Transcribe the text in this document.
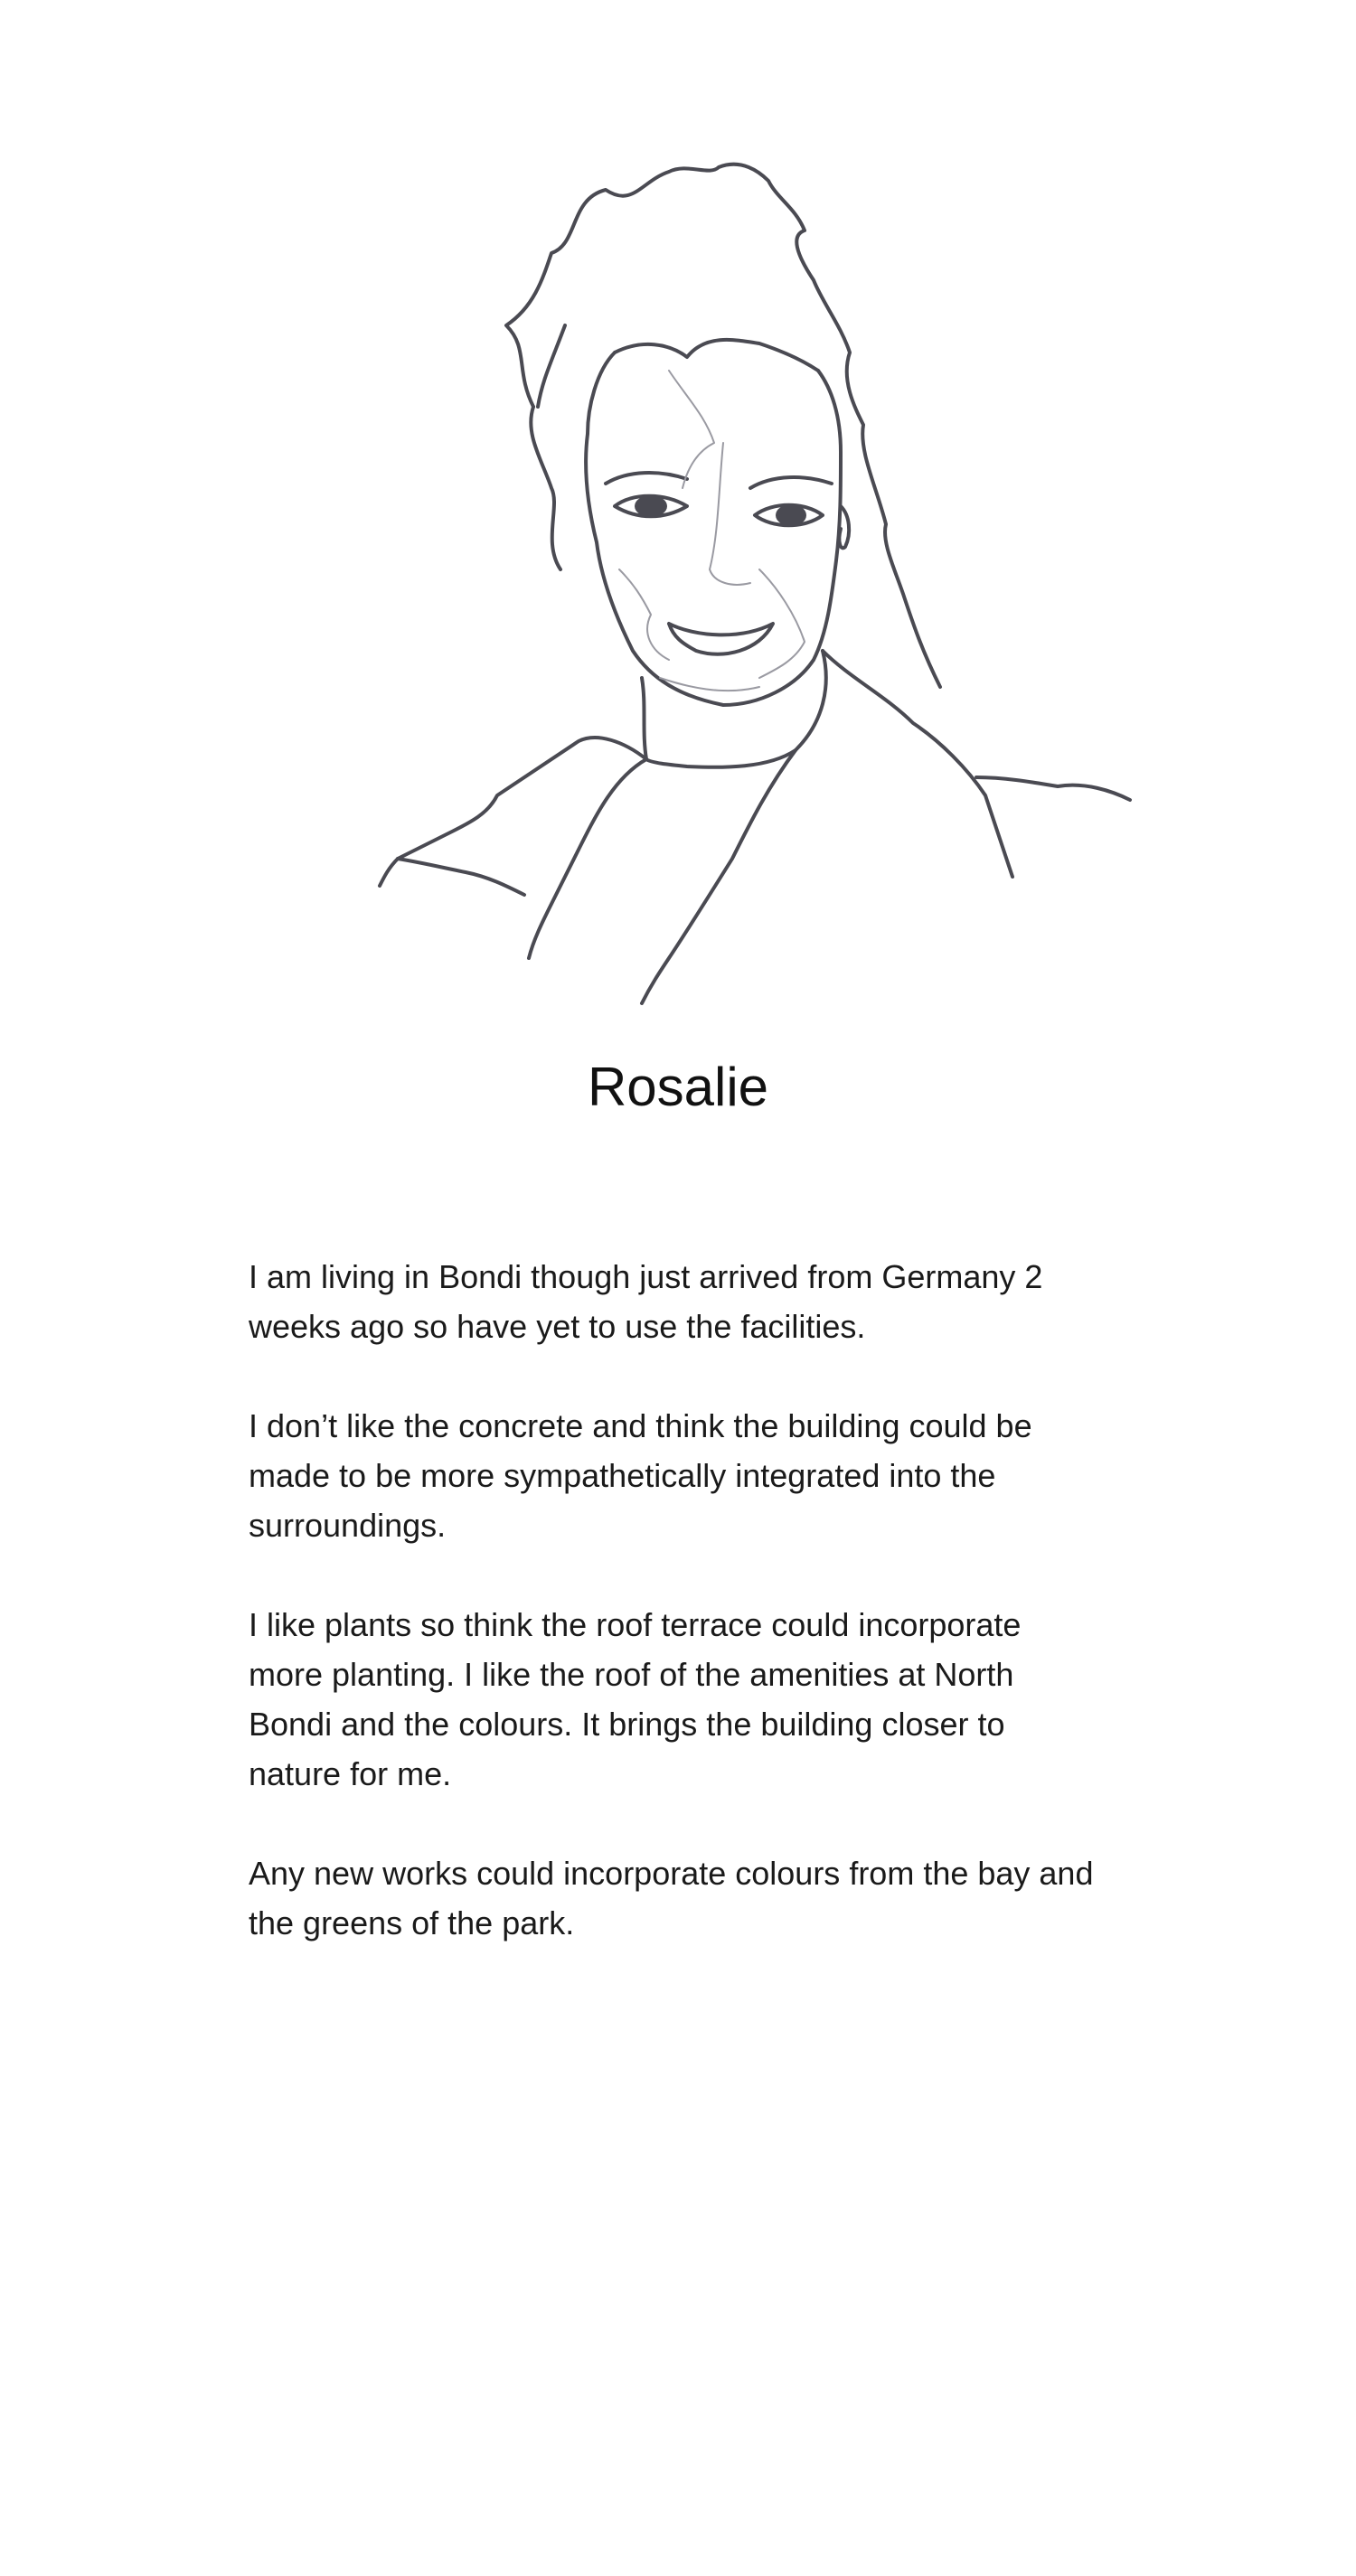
Rosalie

I am living in Bondi though just arrived from Germany 2 weeks ago so have yet to use the facilities.

I don’t like the concrete and think the building could be made to be more sympathetically integrated into the surroundings.

I like plants so think the roof terrace could incorporate more planting. I like the roof of the amenities at North Bondi and the colours. It brings the building closer to nature for me.

Any new works could incorporate colours from the bay and the greens of the park.
